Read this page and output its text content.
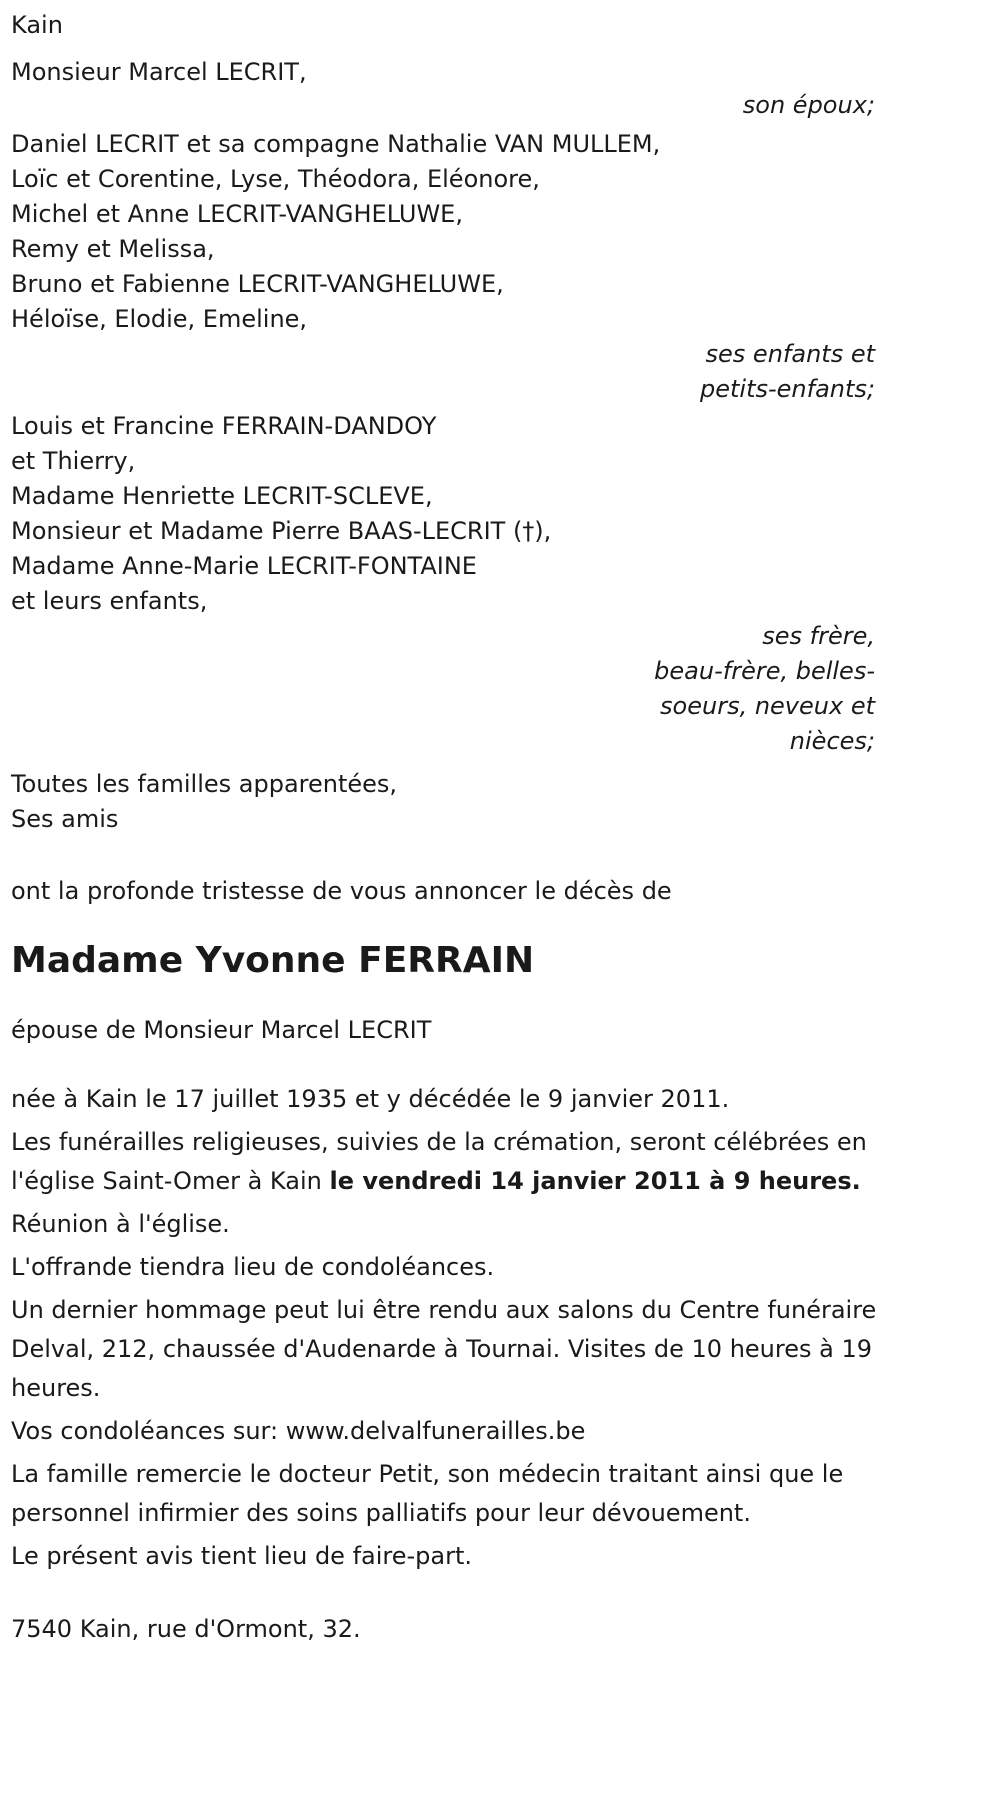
Kain

Monsieur Marcel LECRIT,

son époux;

Daniel LECRIT et sa compagne Nathalie VAN MULLEM,

Loïc et Corentine, Lyse, Théodora, Eléonore,

Michel et Anne LECRIT-VANGHELUWE,

Remy et Melissa,

Bruno et Fabienne LECRIT-VANGHELUWE,

Héloïse, Elodie, Emeline,

ses enfants et

petits-enfants;

Louis et Francine FERRAIN-DANDOY

et Thierry,

Madame Henriette LECRIT-SCLEVE,

Monsieur et Madame Pierre BAAS-LECRIT (†),

Madame Anne-Marie LECRIT-FONTAINE

et leurs enfants,

ses frère,

beau-frère, belles-

soeurs, neveux et

nièces;

Toutes les familles apparentées,

Ses amis

ont la profonde tristesse de vous annoncer le décès de

Madame Yvonne FERRAIN

épouse de Monsieur Marcel LECRIT

née à Kain le 17 juillet 1935 et y décédée le 9 janvier 2011.

Les funérailles religieuses, suivies de la crémation, seront célébrées en l'église Saint-Omer à Kain le vendredi 14 janvier 2011 à 9 heures.

Réunion à l'église.

L'offrande tiendra lieu de condoléances.

Un dernier hommage peut lui être rendu aux salons du Centre funéraire Delval, 212, chaussée d'Audenarde à Tournai. Visites de 10 heures à 19 heures.

Vos condoléances sur: www.delvalfunerailles.be

La famille remercie le docteur Petit, son médecin traitant ainsi que le personnel infirmier des soins palliatifs pour leur dévouement.

Le présent avis tient lieu de faire-part.

7540 Kain, rue d'Ormont, 32.
